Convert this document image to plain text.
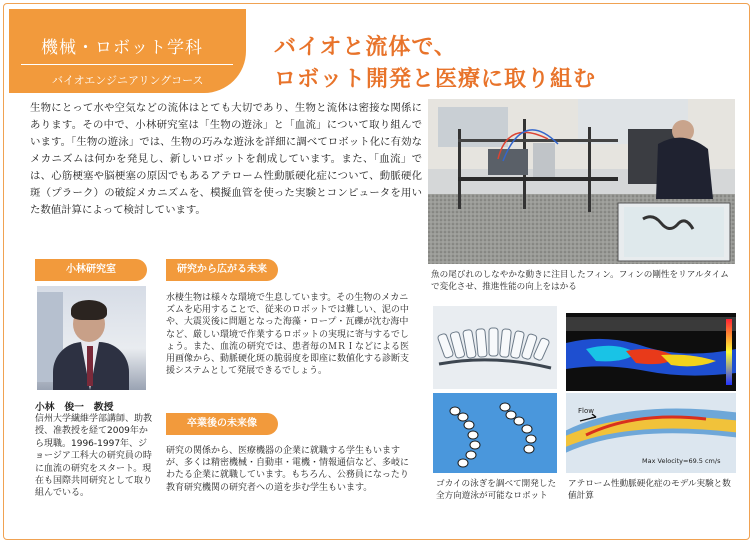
機械・ロボット学科
バイオエンジニアリングコース
バイオと流体で、
ロボット開発と医療に取り組む
生物にとって水や空気などの流体はとても大切であり、生物と流体は密接な関係にあります。その中で、小林研究室は「生物の遊泳」と「血流」について取り組んでいます。「生物の遊泳」では、生物の巧みな遊泳を詳細に調べてロボット化に有効なメカニズムは何かを発見し、新しいロボットを創成しています。また、「血流」では、心筋梗塞や脳梗塞の原因でもあるアテローム性動脈硬化症について、動脈硬化斑（プラーク）の破綻メカニズムを、模擬血管を使った実験とコンピュータを用いた数値計算によって検討しています。
魚の尾びれのしなやかな動きに注目したフィン。フィンの剛性をリアルタイムで変化させ、推進性能の向上をはかる
小林研究室	研究から広がる未来
卒業後の未来像
小林　俊一　教授
信州大学繊維学部講師、助教授、准教授を経て2009年から現職。1996-1997年、ジョージア工科大の研究員の時に血流の研究をスタート。現在も国際共同研究として取り組んでいる。
水棲生物は様々な環境で生息しています。その生物のメカニズムを応用することで、従来のロボットでは難しい、泥の中や、大震災後に問題となった海藻・ロープ・瓦礫が沈む海中など、厳しい環境で作業するロボットの実現に寄与するでしょう。また、血流の研究では、患者毎のＭＲＩなどによる医用画像から、動脈硬化斑の脆弱度を即座に数値化する診断支援システムとして発展できるでしょう。
研究の関係から、医療機器の企業に就職する学生もいますが、多くは精密機械・自動車・電機・情報通信など、多岐にわたる企業に就職しています。もちろん、公務員になったり教育研究機関の研究者への道を歩む学生もいます。	ゴカイの泳ぎを調べて開発した全方向遊泳が可能なロボット
Flow
Max Velocity=69.5 cm/s
アテローム性動脈硬化症のモデル実験と数値計算
